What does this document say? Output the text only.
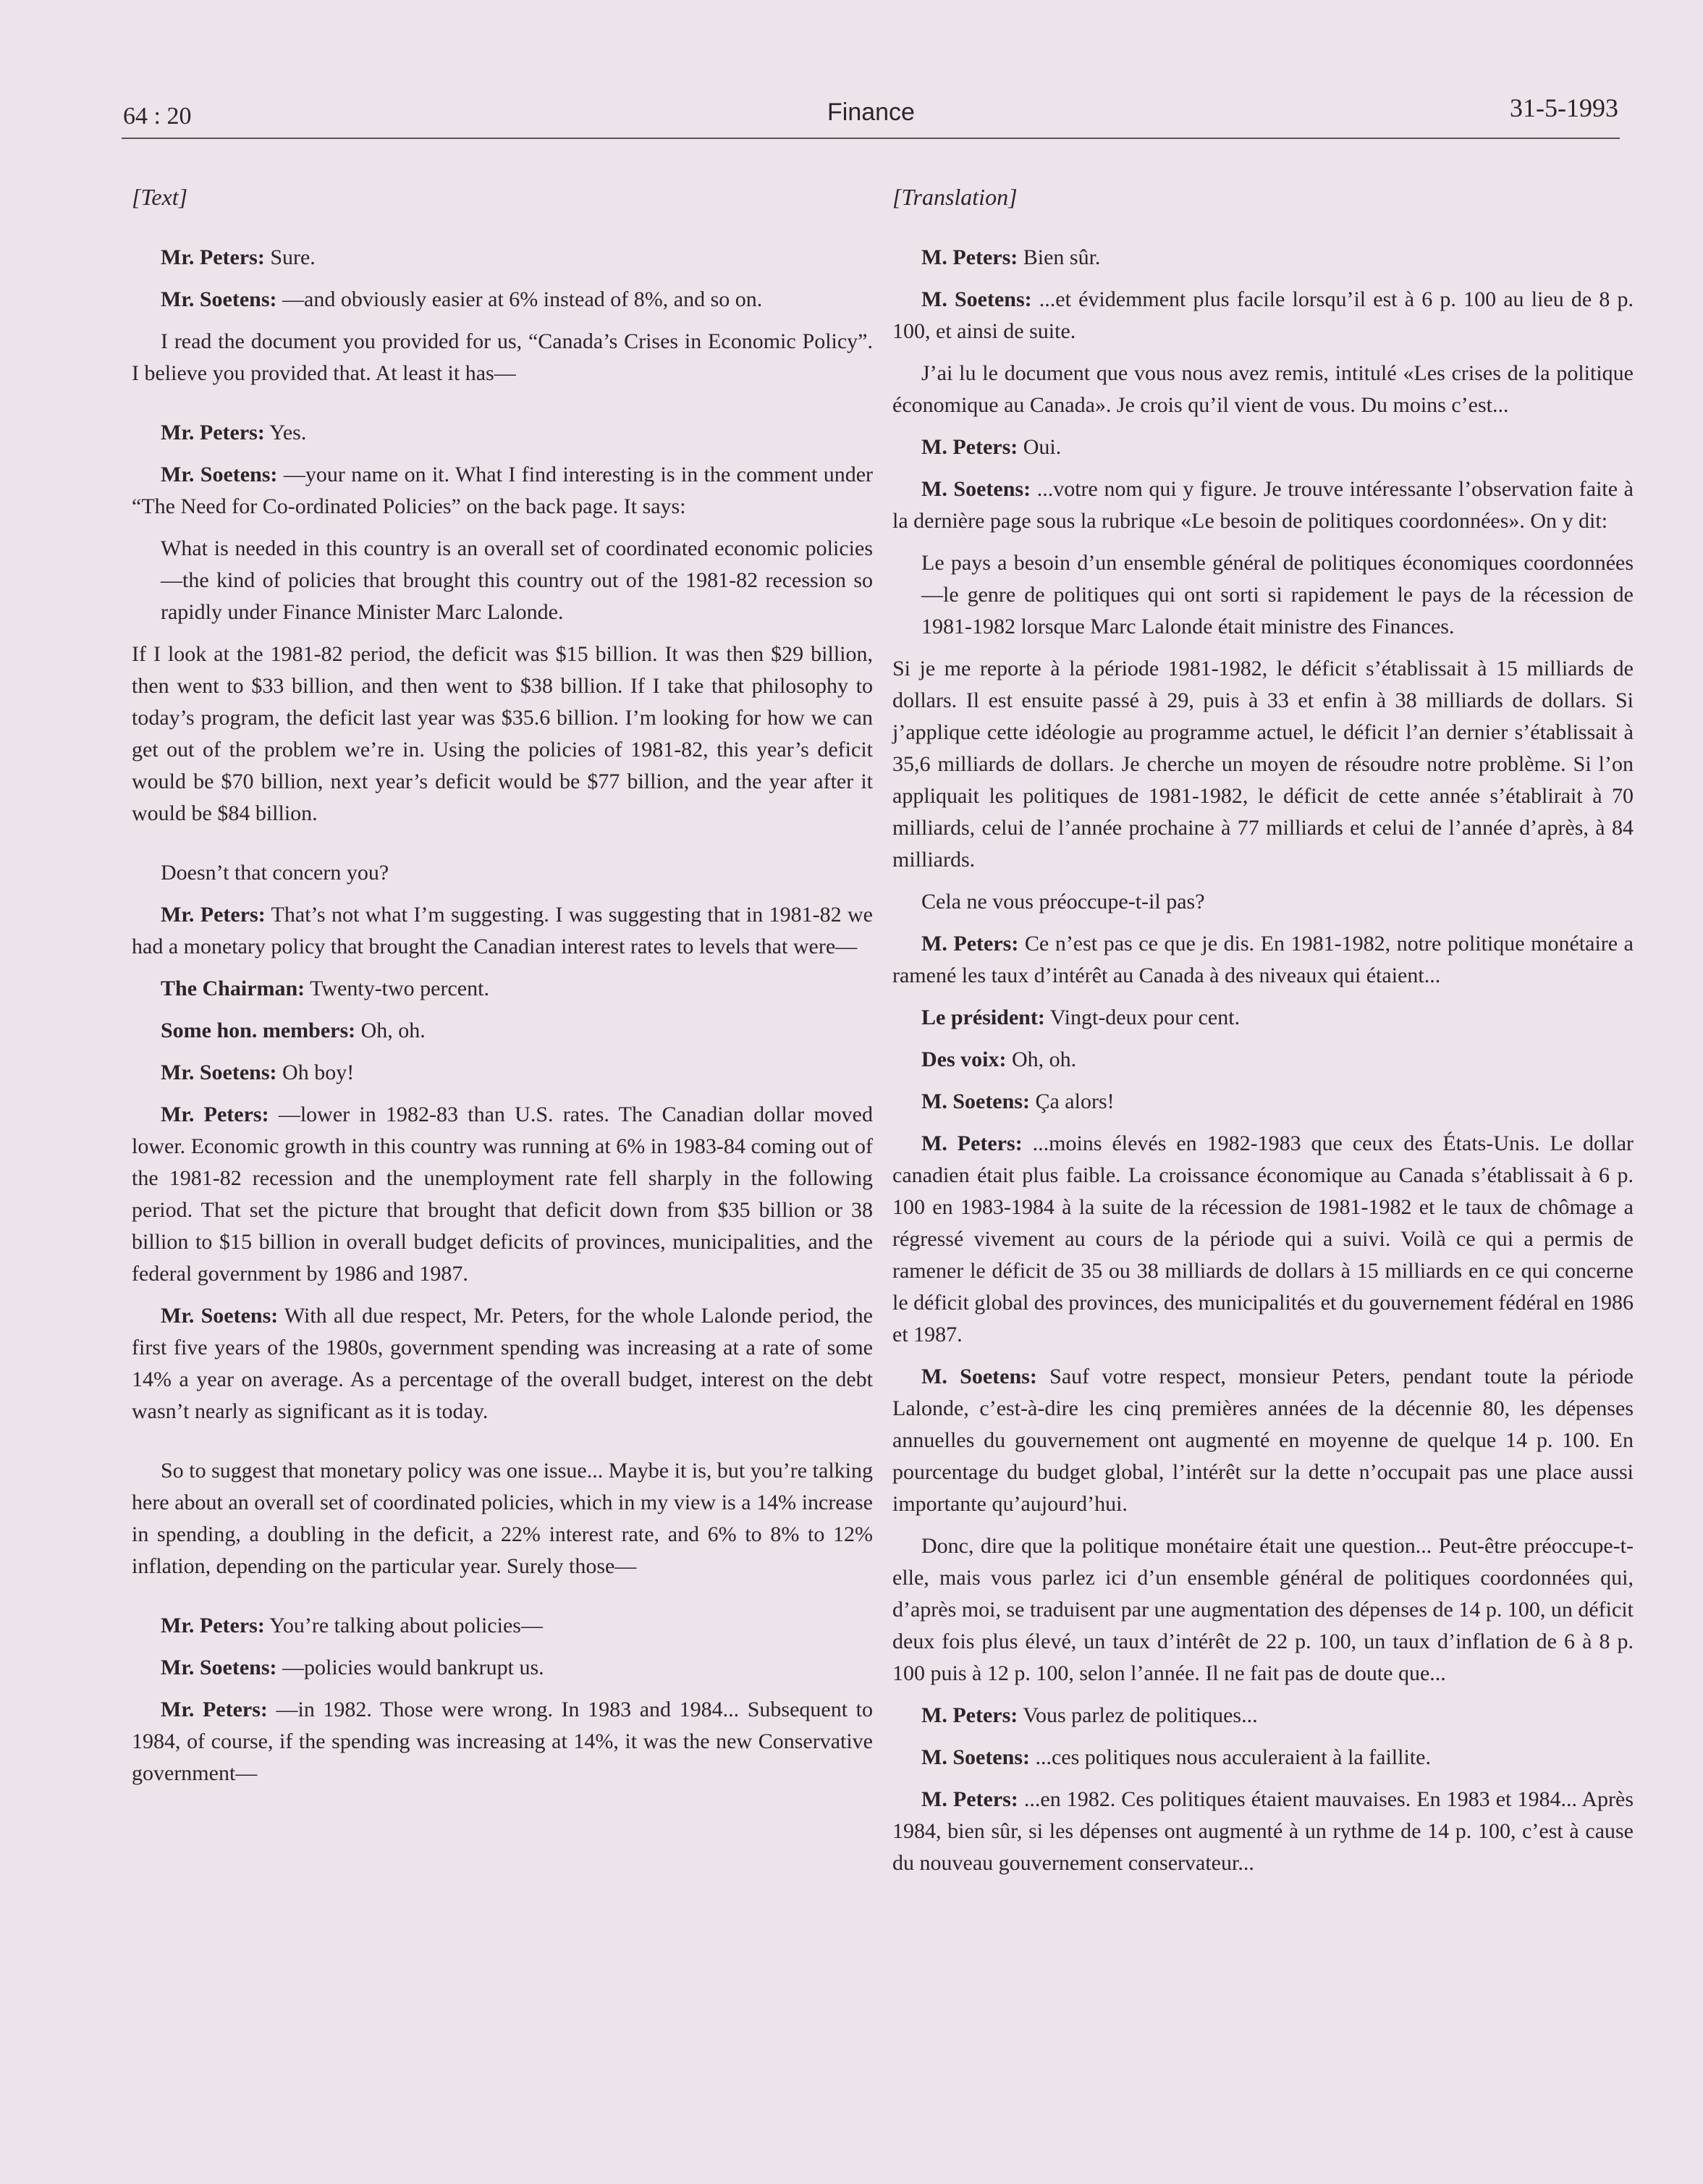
64 : 20	Finance	31-5-1993
[Text]

Mr. Peters: Sure.

Mr. Soetens: —and obviously easier at 6% instead of 8%, and so on.

I read the document you provided for us, “Canada’s Crises in Economic Policy”. I believe you provided that. At least it has—

Mr. Peters: Yes.

Mr. Soetens: —your name on it. What I find interesting is in the comment under “The Need for Co-ordinated Policies” on the back page. It says:

What is needed in this country is an overall set of coordinated economic policies—the kind of policies that brought this country out of the 1981-82 recession so rapidly under Finance Minister Marc Lalonde.

If I look at the 1981-82 period, the deficit was $15 billion. It was then $29 billion, then went to $33 billion, and then went to $38 billion. If I take that philosophy to today’s program, the deficit last year was $35.6 billion. I’m looking for how we can get out of the problem we’re in. Using the policies of 1981-82, this year’s deficit would be $70 billion, next year’s deficit would be $77 billion, and the year after it would be $84 billion.

Doesn’t that concern you?

Mr. Peters: That’s not what I’m suggesting. I was suggesting that in 1981-82 we had a monetary policy that brought the Canadian interest rates to levels that were—

The Chairman: Twenty-two percent.

Some hon. members: Oh, oh.

Mr. Soetens: Oh boy!

Mr. Peters: —lower in 1982-83 than U.S. rates. The Canadian dollar moved lower. Economic growth in this country was running at 6% in 1983-84 coming out of the 1981-82 recession and the unemployment rate fell sharply in the following period. That set the picture that brought that deficit down from $35 billion or 38 billion to $15 billion in overall budget deficits of provinces, municipalities, and the federal government by 1986 and 1987.

Mr. Soetens: With all due respect, Mr. Peters, for the whole Lalonde period, the first five years of the 1980s, government spending was increasing at a rate of some 14% a year on average. As a percentage of the overall budget, interest on the debt wasn’t nearly as significant as it is today.

So to suggest that monetary policy was one issue... Maybe it is, but you’re talking here about an overall set of coordinated policies, which in my view is a 14% increase in spending, a doubling in the deficit, a 22% interest rate, and 6% to 8% to 12% inflation, depending on the particular year. Surely those—

Mr. Peters: You’re talking about policies—

Mr. Soetens: —policies would bankrupt us.

Mr. Peters: —in 1982. Those were wrong. In 1983 and 1984... Subsequent to 1984, of course, if the spending was increasing at 14%, it was the new Conservative government—

[Translation]

M. Peters: Bien sûr.

M. Soetens: ...et évidemment plus facile lorsqu’il est à 6 p. 100 au lieu de 8 p. 100, et ainsi de suite.

J’ai lu le document que vous nous avez remis, intitulé «Les crises de la politique économique au Canada». Je crois qu’il vient de vous. Du moins c’est...

M. Peters: Oui.

M. Soetens: ...votre nom qui y figure. Je trouve intéressante l’observation faite à la dernière page sous la rubrique «Le besoin de politiques coordonnées». On y dit:

Le pays a besoin d’un ensemble général de politiques économiques coordonnées—le genre de politiques qui ont sorti si rapidement le pays de la récession de 1981-1982 lorsque Marc Lalonde était ministre des Finances.

Si je me reporte à la période 1981-1982, le déficit s’établissait à 15 milliards de dollars. Il est ensuite passé à 29, puis à 33 et enfin à 38 milliards de dollars. Si j’applique cette idéologie au programme actuel, le déficit l’an dernier s’établissait à 35,6 milliards de dollars. Je cherche un moyen de résoudre notre problème. Si l’on appliquait les politiques de 1981-1982, le déficit de cette année s’établirait à 70 milliards, celui de l’année prochaine à 77 milliards et celui de l’année d’après, à 84 milliards.

Cela ne vous préoccupe-t-il pas?

M. Peters: Ce n’est pas ce que je dis. En 1981-1982, notre politique monétaire a ramené les taux d’intérêt au Canada à des niveaux qui étaient...

Le président: Vingt-deux pour cent.

Des voix: Oh, oh.

M. Soetens: Ça alors!

M. Peters: ...moins élevés en 1982-1983 que ceux des États-Unis. Le dollar canadien était plus faible. La croissance économique au Canada s’établissait à 6 p. 100 en 1983-1984 à la suite de la récession de 1981-1982 et le taux de chômage a régressé vivement au cours de la période qui a suivi. Voilà ce qui a permis de ramener le déficit de 35 ou 38 milliards de dollars à 15 milliards en ce qui concerne le déficit global des provinces, des municipalités et du gouvernement fédéral en 1986 et 1987.

M. Soetens: Sauf votre respect, monsieur Peters, pendant toute la période Lalonde, c’est-à-dire les cinq premières années de la décennie 80, les dépenses annuelles du gouvernement ont augmenté en moyenne de quelque 14 p. 100. En pourcentage du budget global, l’intérêt sur la dette n’occupait pas une place aussi importante qu’aujourd’hui.

Donc, dire que la politique monétaire était une question... Peut-être préoccupe-t-elle, mais vous parlez ici d’un ensemble général de politiques coordonnées qui, d’après moi, se traduisent par une augmentation des dépenses de 14 p. 100, un déficit deux fois plus élevé, un taux d’intérêt de 22 p. 100, un taux d’inflation de 6 à 8 p. 100 puis à 12 p. 100, selon l’année. Il ne fait pas de doute que...

M. Peters: Vous parlez de politiques...

M. Soetens: ...ces politiques nous acculeraient à la faillite.

M. Peters: ...en 1982. Ces politiques étaient mauvaises. En 1983 et 1984... Après 1984, bien sûr, si les dépenses ont augmenté à un rythme de 14 p. 100, c’est à cause du nouveau gouvernement conservateur...
